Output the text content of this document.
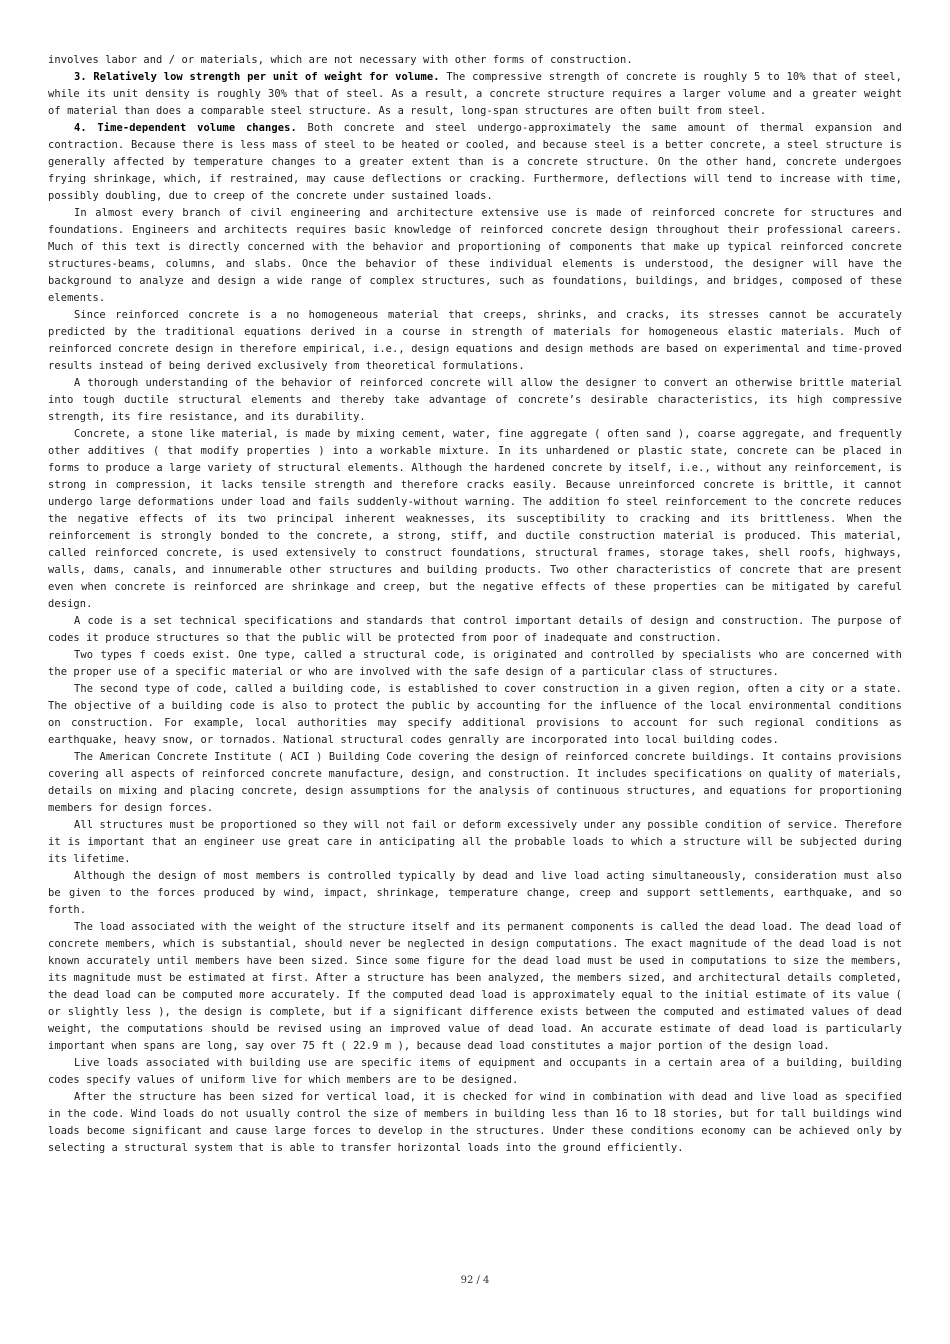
involves labor and / or materials, which are not necessary with other forms of construction.

3. Relatively low strength per unit of weight for volume. The compressive strength of concrete is roughly 5 to 10% that of steel, while its unit density is roughly 30% that of steel. As a result, a concrete structure requires a larger volume and a greater weight of material than does a comparable steel structure. As a result, long-span structures are often built from steel.

4. Time-dependent volume changes. Both concrete and steel undergo-approximately the same amount of thermal expansion and contraction. Because there is less mass of steel to be heated or cooled, and because steel is a better concrete, a steel structure is generally affected by temperature changes to a greater extent than is a concrete structure. On the other hand, concrete undergoes frying shrinkage, which, if restrained, may cause deflections or cracking. Furthermore, deflections will tend to increase with time, possibly doubling, due to creep of the concrete under sustained loads.

In almost every branch of civil engineering and architecture extensive use is made of reinforced concrete for structures and foundations. Engineers and architects requires basic knowledge of reinforced concrete design throughout their professional careers. Much of this text is directly concerned with the behavior and proportioning of components that make up typical reinforced concrete structures-beams, columns, and slabs. Once the behavior of these individual elements is understood, the designer will have the background to analyze and design a wide range of complex structures, such as foundations, buildings, and bridges, composed of these elements.

Since reinforced concrete is a no homogeneous material that creeps, shrinks, and cracks, its stresses cannot be accurately predicted by the traditional equations derived in a course in strength of materials for homogeneous elastic materials. Much of reinforced concrete design in therefore empirical, i.e., design equations and design methods are based on experimental and time-proved results instead of being derived exclusively from theoretical formulations.

A thorough understanding of the behavior of reinforced concrete will allow the designer to convert an otherwise brittle material into tough ductile structural elements and thereby take advantage of concrete’s desirable characteristics, its high compressive strength, its fire resistance, and its durability.

Concrete, a stone like material, is made by mixing cement, water, fine aggregate ( often sand ), coarse aggregate, and frequently other additives ( that modify properties ) into a workable mixture. In its unhardened or plastic state, concrete can be placed in forms to produce a large variety of structural elements. Although the hardened concrete by itself, i.e., without any reinforcement, is strong in compression, it lacks tensile strength and therefore cracks easily. Because unreinforced concrete is brittle, it cannot undergo large deformations under load and fails suddenly-without warning. The addition fo steel reinforcement to the concrete reduces the negative effects of its two principal inherent weaknesses, its susceptibility to cracking and its brittleness. When the reinforcement is strongly bonded to the concrete, a strong, stiff, and ductile construction material is produced. This material, called reinforced concrete, is used extensively to construct foundations, structural frames, storage takes, shell roofs, highways, walls, dams, canals, and innumerable other structures and building products. Two other characteristics of concrete that are present even when concrete is reinforced are shrinkage and creep, but the negative effects of these properties can be mitigated by careful design.

A code is a set technical specifications and standards that control important details of design and construction. The purpose of codes it produce structures so that the public will be protected from poor of inadequate and construction.

Two types f coeds exist. One type, called a structural code, is originated and controlled by specialists who are concerned with the proper use of a specific material or who are involved with the safe design of a particular class of structures.

The second type of code, called a building code, is established to cover construction in a given region, often a city or a state. The objective of a building code is also to protect the public by accounting for the influence of the local environmental conditions on construction. For example, local authorities may specify additional provisions to account for such regional conditions as earthquake, heavy snow, or tornados. National structural codes genrally are incorporated into local building codes.

The American Concrete Institute ( ACI ) Building Code covering the design of reinforced concrete buildings. It contains provisions covering all aspects of reinforced concrete manufacture, design, and construction. It includes specifications on quality of materials, details on mixing and placing concrete, design assumptions for the analysis of continuous structures, and equations for proportioning members for design forces.

All structures must be proportioned so they will not fail or deform excessively under any possible condition of service. Therefore it is important that an engineer use great care in anticipating all the probable loads to which a structure will be subjected during its lifetime.

Although the design of most members is controlled typically by dead and live load acting simultaneously, consideration must also be given to the forces produced by wind, impact, shrinkage, temperature change, creep and support settlements, earthquake, and so forth.

The load associated with the weight of the structure itself and its permanent components is called the dead load. The dead load of concrete members, which is substantial, should never be neglected in design computations. The exact magnitude of the dead load is not known accurately until members have been sized. Since some figure for the dead load must be used in computations to size the members, its magnitude must be estimated at first. After a structure has been analyzed, the members sized, and architectural details completed, the dead load can be computed more accurately. If the computed dead load is approximately equal to the initial estimate of its value ( or slightly less ), the design is complete, but if a significant difference exists between the computed and estimated values of dead weight, the computations should be revised using an improved value of dead load. An accurate estimate of dead load is particularly important when spans are long, say over 75 ft ( 22.9 m ), because dead load constitutes a major portion of the design load.

Live loads associated with building use are specific items of equipment and occupants in a certain area of a building, building codes specify values of uniform live for which members are to be designed.

After the structure has been sized for vertical load, it is checked for wind in combination with dead and live load as specified in the code. Wind loads do not usually control the size of members in building less than 16 to 18 stories, but for tall buildings wind loads become significant and cause large forces to develop in the structures. Under these conditions economy can be achieved only by selecting a structural system that is able to transfer horizontal loads into the ground efficiently.

92 / 4
